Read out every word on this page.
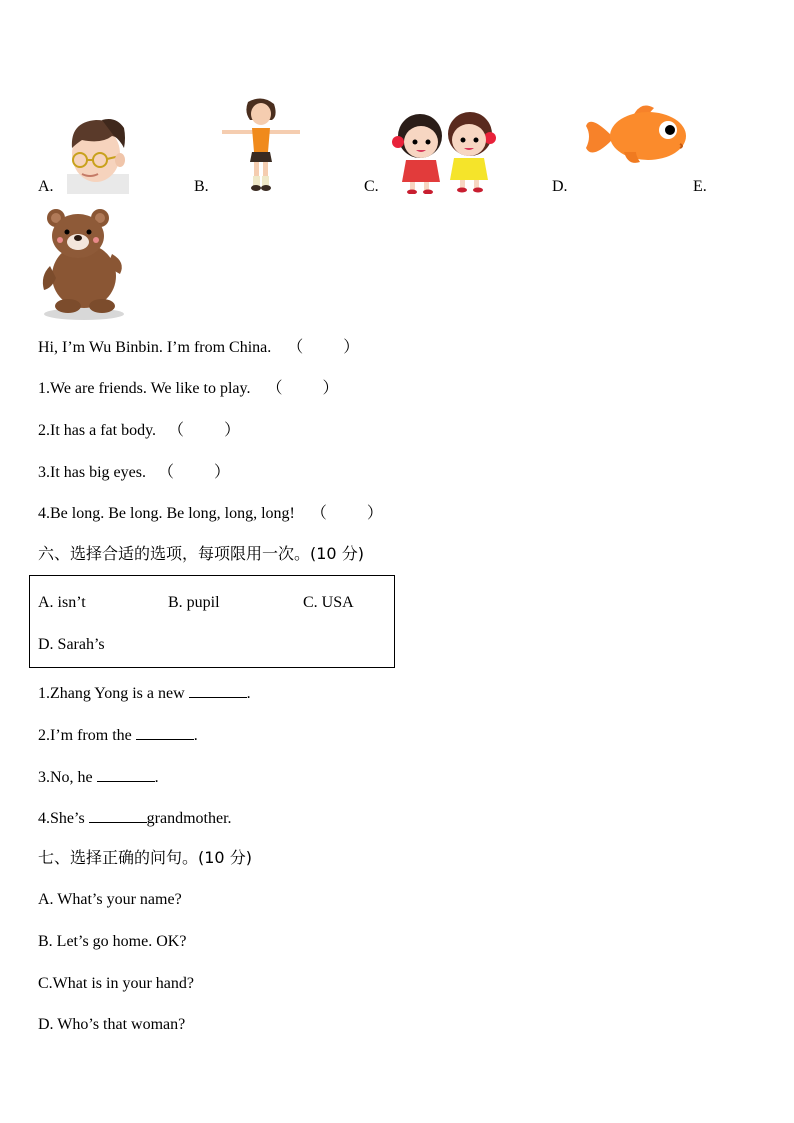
A.	B.	C.	D.	E.
Hi, I’m Wu Binbin. I’m from China. （	）
1.We are friends. We like to play. （	）
2.It has a fat body. （	）
3.It has big eyes. （	）
4.Be long. Be long. Be long, long, long! （	）
六、选择合适的选项，每项限用一次。(10 分)
A. isn’t	B. pupil	C. USA
D. Sarah’s
1.Zhang Yong is a new	.
2.I’m from the	.
3.No, he	.
4.She’s	grandmother.
七、选择正确的问句。(10 分)
A. What’s your name?
B. Let’s go home. OK?
C.What is in your hand?
D. Who’s that woman?
